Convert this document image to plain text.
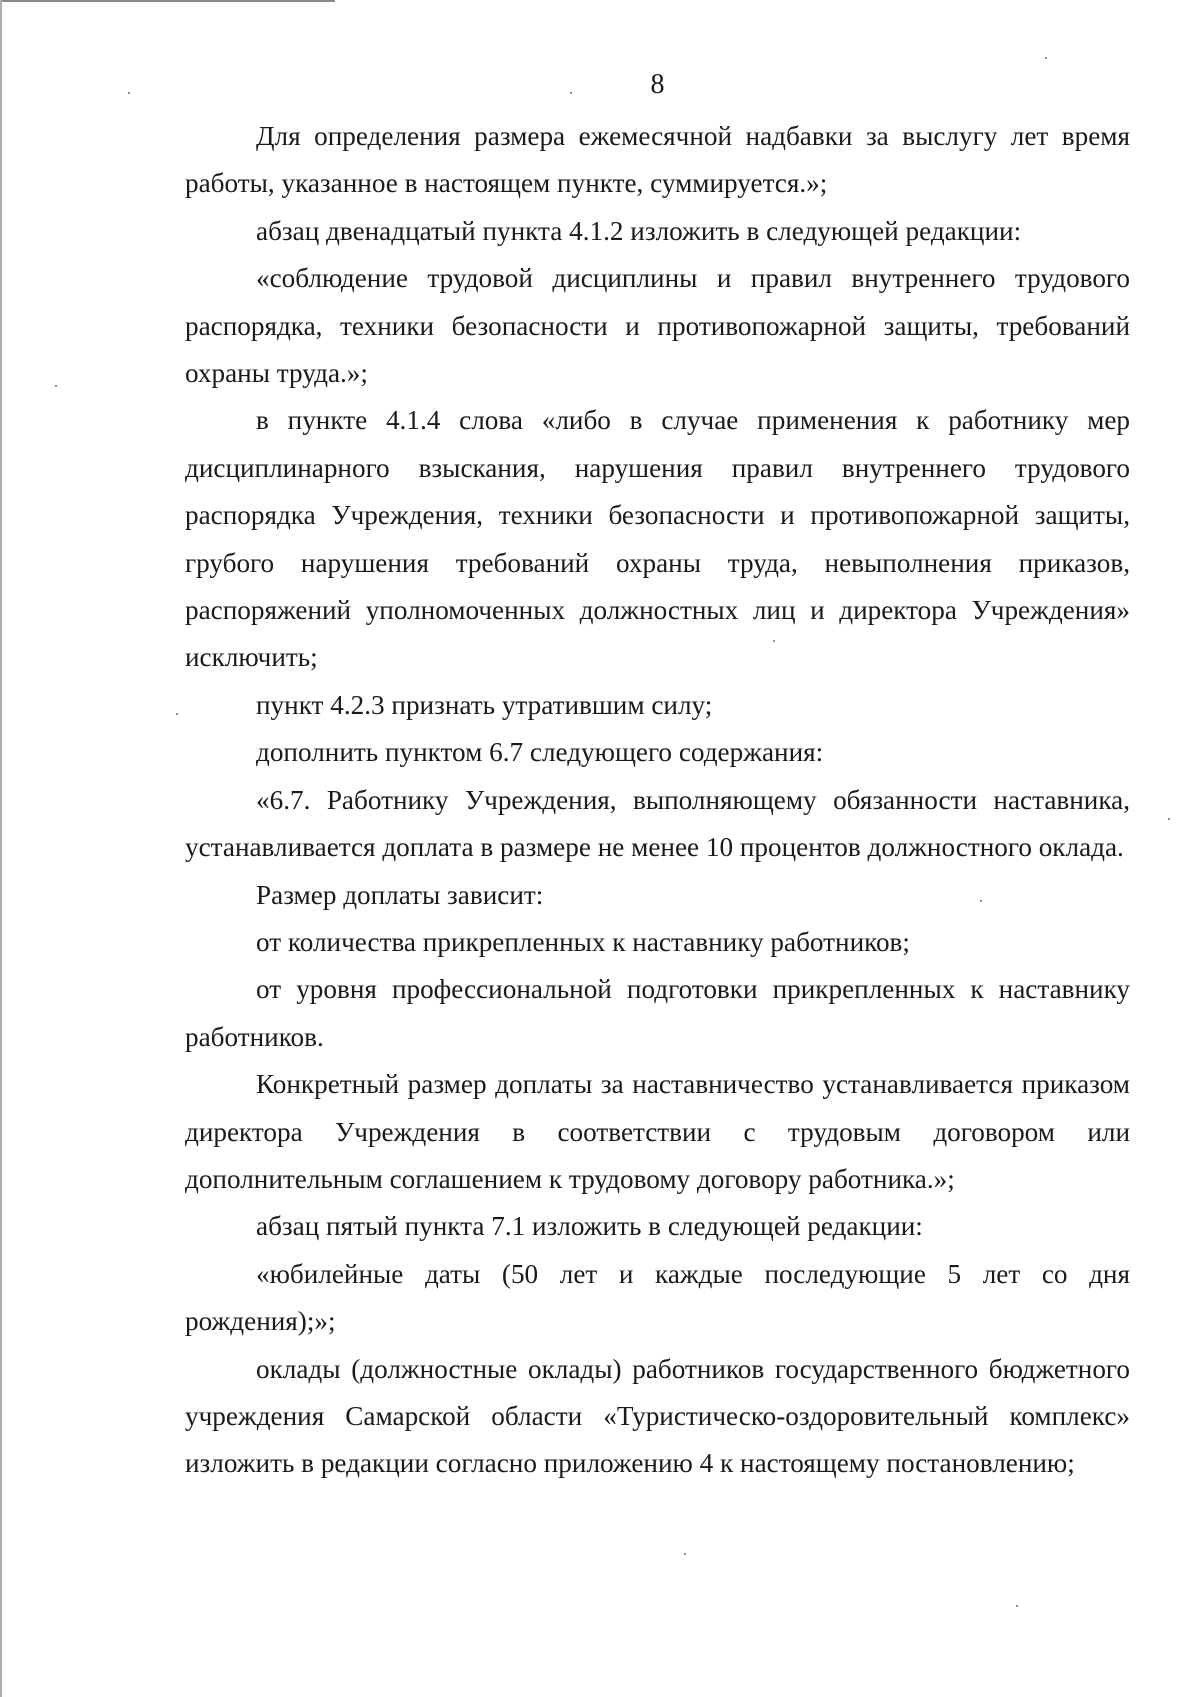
8

Для определения размера ежемесячной надбавки за выслугу лет время работы, указанное в настоящем пункте, суммируется.»;

абзац двенадцатый пункта 4.1.2 изложить в следующей редакции:

«соблюдение трудовой дисциплины и правил внутреннего трудового распорядка, техники безопасности и противопожарной защиты, требований охраны труда.»;

в пункте 4.1.4 слова «либо в случае применения к работнику мер дисциплинарного взыскания, нарушения правил внутреннего трудового распорядка Учреждения, техники безопасности и противопожарной защиты, грубого нарушения требований охраны труда, невыполнения приказов, распоряжений уполномоченных должностных лиц и директора Учреждения» исключить;

пункт 4.2.3 признать утратившим силу;

дополнить пунктом 6.7 следующего содержания:

«6.7. Работнику Учреждения, выполняющему обязанности наставника, устанавливается доплата в размере не менее 10 процентов должностного оклада.

Размер доплаты зависит:

от количества прикрепленных к наставнику работников;

от уровня профессиональной подготовки прикрепленных к наставнику работников.

Конкретный размер доплаты за наставничество устанавливается приказом директора Учреждения в соответствии с трудовым договором или дополнительным соглашением к трудовому договору работника.»;

абзац пятый пункта 7.1 изложить в следующей редакции:

«юбилейные даты (50 лет и каждые последующие 5 лет со дня рождения);»;

оклады (должностные оклады) работников государственного бюджетного учреждения Самарской области «Туристическо-оздоровительный комплекс» изложить в редакции согласно приложению 4 к настоящему постановлению;
